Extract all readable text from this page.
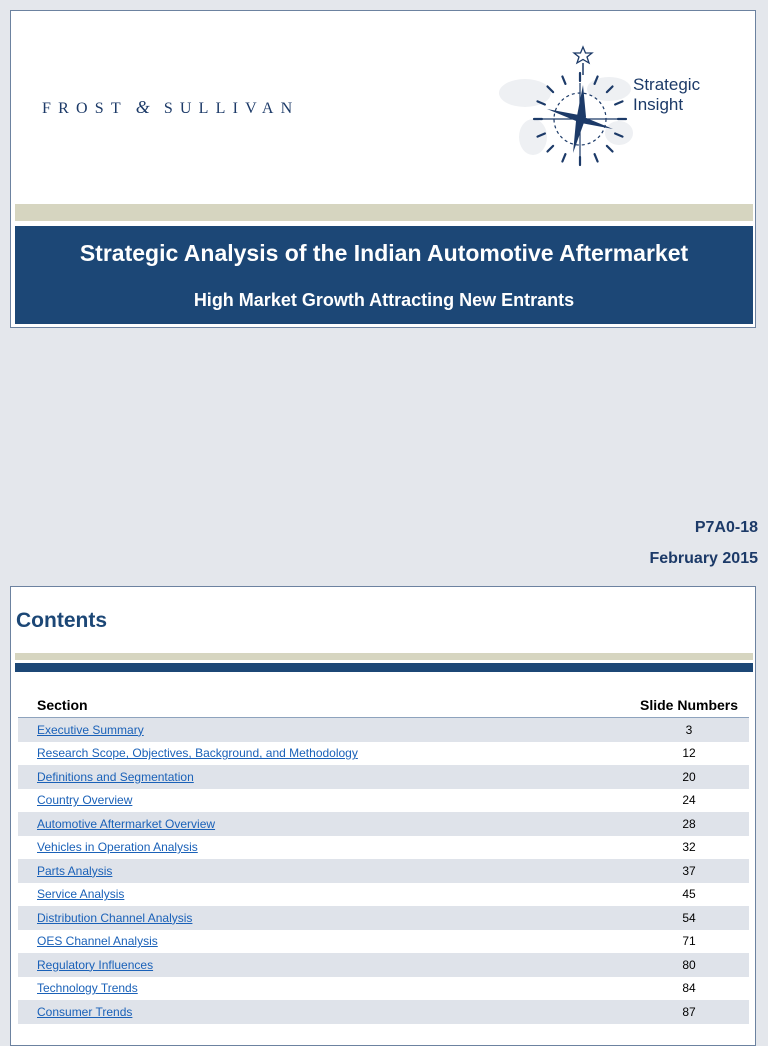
FROST & SULLIVAN
Strategic
Insight
Strategic Analysis of the Indian Automotive Aftermarket
High Market Growth Attracting New Entrants
P7A0-18
February 2015
Contents
Section	Slide Numbers
Executive Summary	3
Research Scope, Objectives, Background, and Methodology	12
Definitions and Segmentation	20
Country Overview	24
Automotive Aftermarket Overview	28
Vehicles in Operation Analysis	32
Parts Analysis	37
Service Analysis	45
Distribution Channel Analysis	54
OES Channel Analysis	71
Regulatory Influences	80
Technology Trends	84
Consumer Trends	87
